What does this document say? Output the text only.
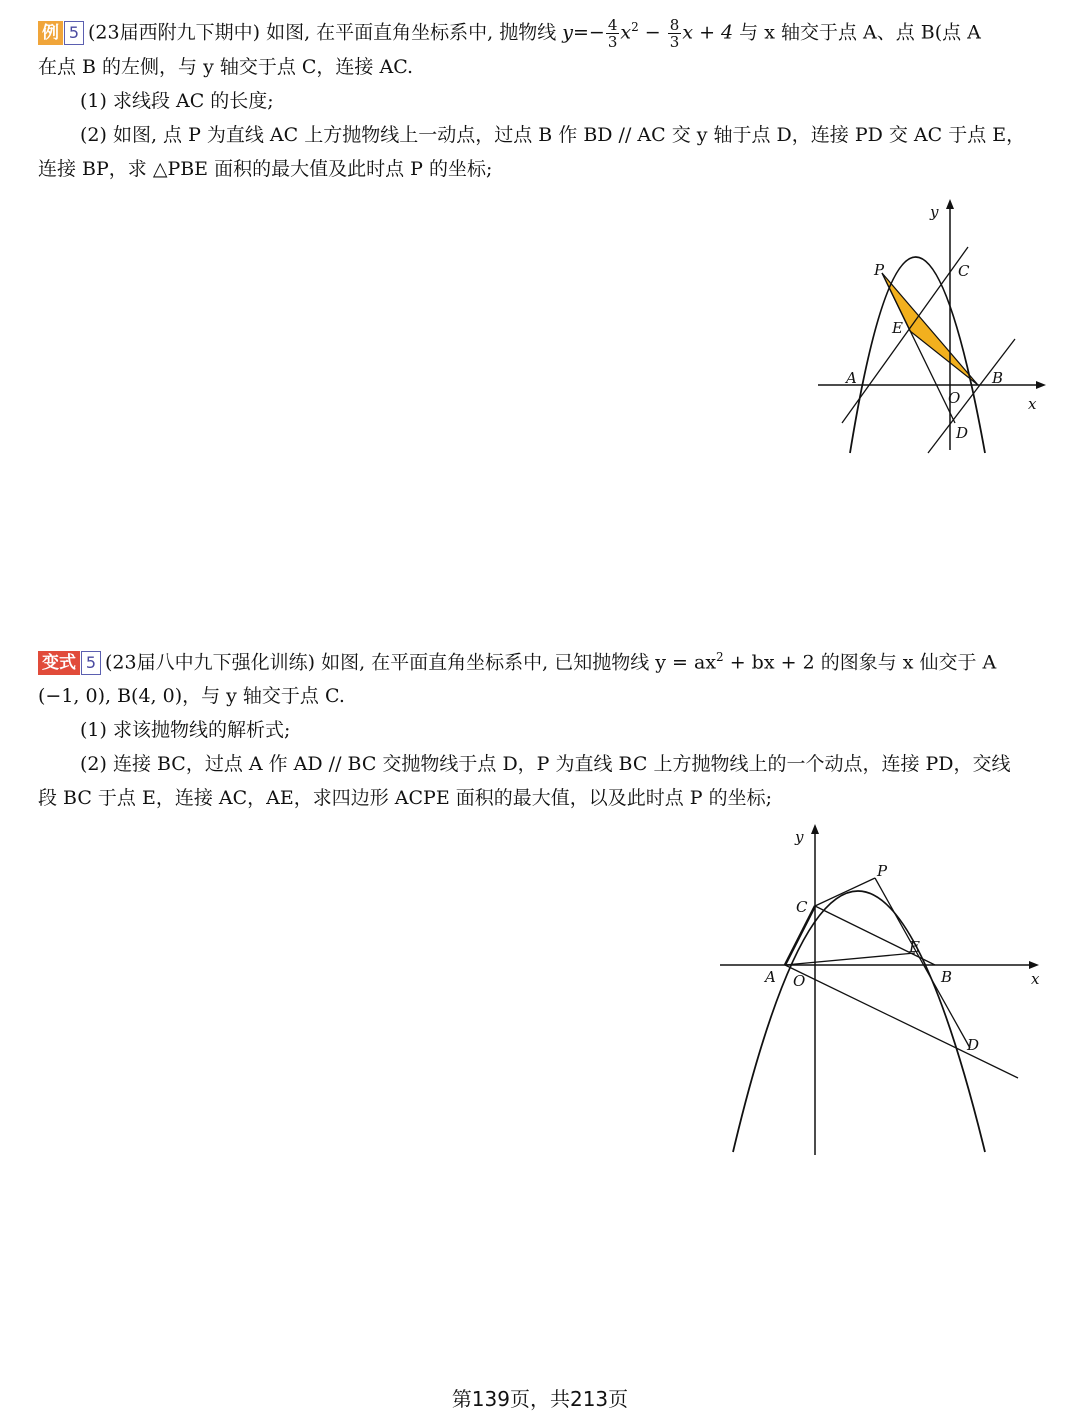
例 5 (23届西附九下期中) 如图, 在平面直角坐标系中, 抛物线 $y=- \frac{4}{3} x^2 - \frac{8}{3}$ x + 4 与 x 轴交于点 A、点 B(点 A

在点 B 的左侧，与 y 轴交于点 C，连接 AC.

(1) 求线段 AC 的长度;

(2) 如图, 点 P 为直线 AC 上方抛物线上一动点，过点 B 作 BD // AC 交 y 轴于点 D，连接 PD 交 AC 于点 E，

连接 BP，求 △PBE 面积的最大值及此时点 P 的坐标;

y
x
P	C
E
A	B
O
D

变式 5 (23届八中九下强化训练) 如图, 在平面直角坐标系中, 已知抛物线 $y = ax^2$ + bx + 2 的图象与 x 仙交于 A

(−1, 0), B(4, 0)，与 y 轴交于点 C.

(1) 求该抛物线的解析式;

(2) 连接 BC，过点 A 作 AD // BC 交抛物线于点 D，P 为直线 BC 上方抛物线上的一个动点，连接 PD，交线

段 BC 于点 E，连接 AC，AE，求四边形 ACPE 面积的最大值，以及此时点 P 的坐标;

y
x
P
C
E
A O	B
D
第139页，共213页
